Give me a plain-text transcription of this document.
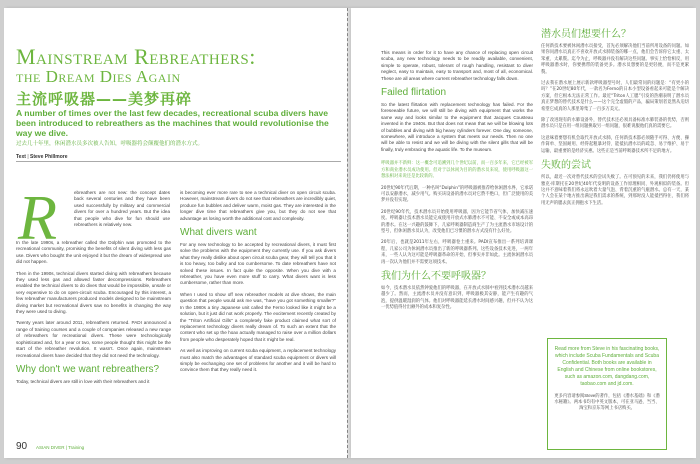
Mainstream Rebreathers:
the Dream Dies Again
主流呼吸器——美梦再碎
A number of times over the last few decades, recreational scuba divers have been introduced to rebreathers as the machines that would revolutionise the way we dive.
过去几十年里，休闲潜水员多次被人告知，呼吸器将会颠覆他们的潜水方式。
Text | Steve Phillmore
R	ebreathers are not new: the concept dates back several centuries and they have been used successfully by military and commercial divers for over a hundred years. But the idea that people who dive for fun should use rebreathers is relatively new.

In the late 1990s, a rebreather called the Dolphin was promoted to the recreational community, promising the benefits of silent diving with less gas use. Divers who bought the unit enjoyed it but the dream of widespread use did not happen.

Then in the 1990s, technical divers started diving with rebreathers because they used less gas and allowed faster decompressions. Rebreathers enabled the technical divers to do dives that would be impossible, unsafe or very expensive to do on open-circuit scuba. Encouraged by this interest, a few rebreather manufacturers produced models designed to be mainstream diving market but recreational divers saw no benefits in changing the way they were used to diving.

Twenty years later around 2011, rebreathers returned. PADI announced a range of training courses and a couple of companies released a new range of rebreathers for recreational divers. These were technologically sophisticated and, for a year or two, some people thought this might be the start of the rebreather revolution. It wasn't. Once again, mainstream recreational divers have decided that they did not need the technology.

Why don't we want rebreathers?

Today, technical divers are still in love with their rebreathers and it

is becoming ever more rare to see a technical diver on open circuit scuba. However, mainstream divers do not see that rebreathers are incredibly quiet, produce fun bubbles and deliver warm, moist gas. They are interested in the longer dive time that rebreathers give you, but they do not see that advantage as losing worth the additional cost and complexity.

What divers want

For any new technology to be accepted by recreational divers, it must first solve the problems with the equipment they currently use. If you ask divers what they really dislike about open circuit scuba gear, they will tell you that it is too heavy, too bulky and too cumbersome. To date rebreathers have not solved these issues. In fact quite the opposite. When you dive with a rebreather, you have even more stuff to carry. What divers want is less cumbersome, rather than more.

When I used to show off new rebreather models at dive shows, the main question that people would ask me was, "have you got something smaller?" In the 1980s a tiny Japanese unit called the Ferno looked like it might be a solution, but it just did not work properly. The excitement recently created by the "Triton Artificial Gills" a completely fake product claimed what sort of replacement technology divers really dream of. To such an extent that the content who set up the hoax actually managed to raise over a million dollars from people who desperately hoped that it might be real.

As well as improving on current scuba equipment, a replacement technology must also match the advantages of standard scuba equipment or divers will simply be exchanging one set of problems for another and it will be hard to convince them that they really need it.

90 ASIAN DIVER | Training

This means in order for it to have any chance of replacing open circuit scuba, any new technology needs to be readily available, convenient, simple to operate, robust, tolerant of rough handling, resistant to diver neglect, easy to maintain, easy to transport and, most of all, economical. These are all areas where current rebreather technology falls down.

Failed flirtation

So the latest flirtation with replacement technology has failed. For the foreseeable future, we will still be diving with equipment that works the same way and looks similar to the equipment that Jacques Cousteau invented in the 1940s. But that does not mean that we will be blowing lots of bubbles and diving with big heavy cylinders forever. One day, someone, somewhere, will introduce a system that meets our needs. Then no one will be able to resist and we will be diving with the silent gills that will be finally, truly embracing the aquatic life. To the museum.

呼吸器并不新鲜：这一概念可追溯到几个世纪以前，而一百多年来，它已经被军方和商业潜水员成功使用。但对于以休闲为目的的潜水员来说，使用呼吸器这一想法相对来说还是比较新的。

20世纪90年代后期，一种名叫“Dolphin”的呼吸器被推荐给休闲潜水界，它承诺可以安静潜水，减少用气。购买该设备的潜水员对它赞不绝口，但广泛使用的美梦并没有实现。

20世纪90年代，技术潜水员开始使用呼吸器，因为它能节省气体，加快减压速度。呼吸器让技术潜水员能完成使用开放式水肺潜水不可能、不安全或成本高昂的潜水。在这一兴趣的鼓舞下，几家呼吸器制造商生产了为主流潜水市场设计的型号，但休闲潜水员认为，改变他们已习惯的潜水方式没有什么好处。

20年后，也就是2011年左右，呼吸器卷土重来。PADI宣布推出一系列培训课程，几家公司为休闲潜水员推出了新的呼吸器系列。这些设备技术先进，一两年来，一些人认为这可能是呼吸器革命的开始，但事实并非如此。主流休闲潜水员再一次认为他们并不需要这项技术。

我们为什么不要呼吸器？

如今，技术潜水员依然钟爱他们的呼吸器，在开放式水肺中看到技术潜水员越来越少了。然而，主流潜水员并没有意识到，呼吸器极其安静，能产生有趣的气泡，提供温暖湿润的气体。他们对呼吸器能延长潜水时间感兴趣，但并不认为这一优势值得付出额外的成本和复杂性。

潜水员们想要什么？

任何新技术要被休闲潜水员接受，首先必须解决他们当前所用设备的问题。如果你问潜水员真正不喜欢开放式水肺装备的哪一点，他们会告诉你它太重、太笨重、太累赘。迄今为止，呼吸器并没有解决这些问题。事实上恰恰相反，用呼吸器潜水时，你要携带的装备更多。潜水员想要的是更轻便，而不是更累赘。

过去我在潜水展上展示新款呼吸器型号时，人们最常问的问题是：“有更小的吗？”在20世纪80年代，一款名为Ferno的日本小型设备看起来可能是个解决方案，但它根本无法正常工作。最近“Triton人工腮”引发的热潮表明了潜水员真正梦想的替代技术是什么——这个完全虚假的产品，骗局策划者竟然从迫切希望它成真的人那里筹集了一百多万美元。

除了改进现有的水肺设备外，替代技术还必须具备标准水肺装备的优势，否则潜水员只是在用一组问题换取另一组问题，很难说服他们真的需要它。

这意味着要想有机会取代开放式水肺，任何新技术都必须随手可得、方便、操作简单、坚固耐用、经得起粗暴对待、能抵抗潜水员的疏忽、易于维护、易于运输，最重要的是经济实惠。这些正是当前呼吸器技术所不足的地方。

失败的尝试

所以，最近一次对替代技术的尝试失败了。在可预见的未来，我们仍将使用与雅克·库斯托在20世纪40年代发明的设备工作原理相同、外观相似的装备。但这并不意味着我们将永远吹着大量气泡、背着沉重的气瓶潜水。总有一天，某个人会在某个地方推出满足我们需求的系统，到那时没人能抵挡得住，我们将用无声的腮去真正拥抱水下生活。

Read more from Steve in his fascinating books, which include Scuba Fundamentals and Scuba Confidential. Both books are available in English and Chinese from online bookstores, such as amazon.com, dangdang.com, taobao.com and jd.com.
更多内容请参阅Steve的著作，包括《潜水基础》和《潜水秘籍》。两本书均有中英文版本，可在亚马逊、当当、淘宝和京东等网上书店购买。
